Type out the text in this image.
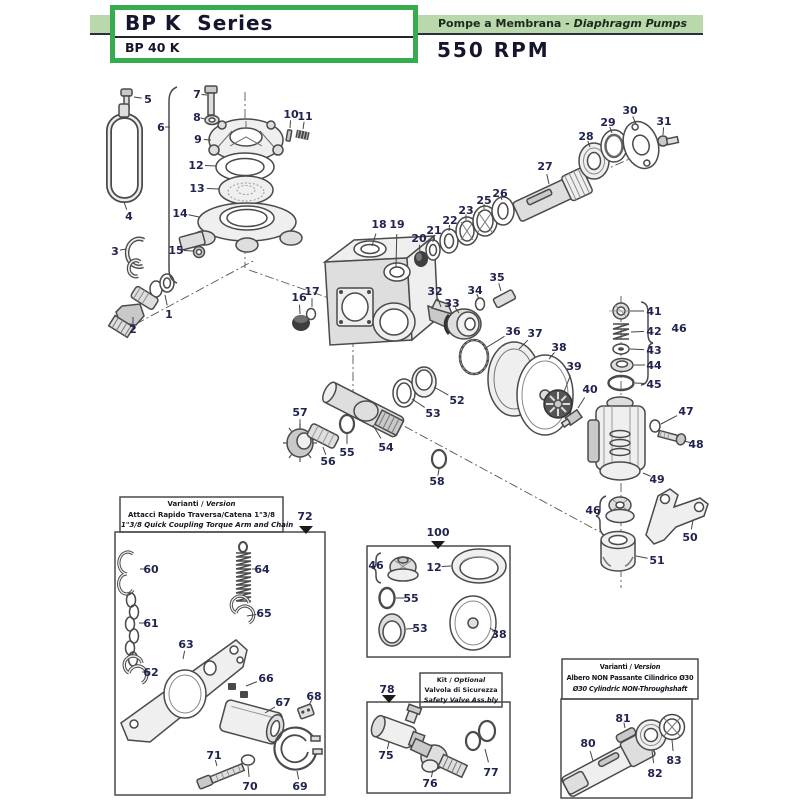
BP K  Series
BP 40 K
Pompe a Membrana - Diaphragm Pumps
550 RPM
5
4
3
6
7
8
9
10
11
12
13
14
15
1
2
16
17
18 19
20
21
22
23
25
26
27
28
29
30
31
32
33
34
35
36 37
38
39
40
41
42
43
44
45
46
47
48
49
46
50
51
52
53
54
55
56
57
58
60
61
62
63
64
65
66
67 68
69
70
71
72
100
46	12
55
53	38
78
75
76
77
80
81
82
83
Varianti / Version
Attacci Rapido Traversa/Catena 1"3/8
1"3/8 Quick Coupling Torque Arm and Chain
Kit / Optional
Valvola di Sicurezza
Safety Valve Ass.bly
Varianti / Version
Albero NON Passante Cilindrico Ø30
Ø30 Cylindric NON-Throughshaft
